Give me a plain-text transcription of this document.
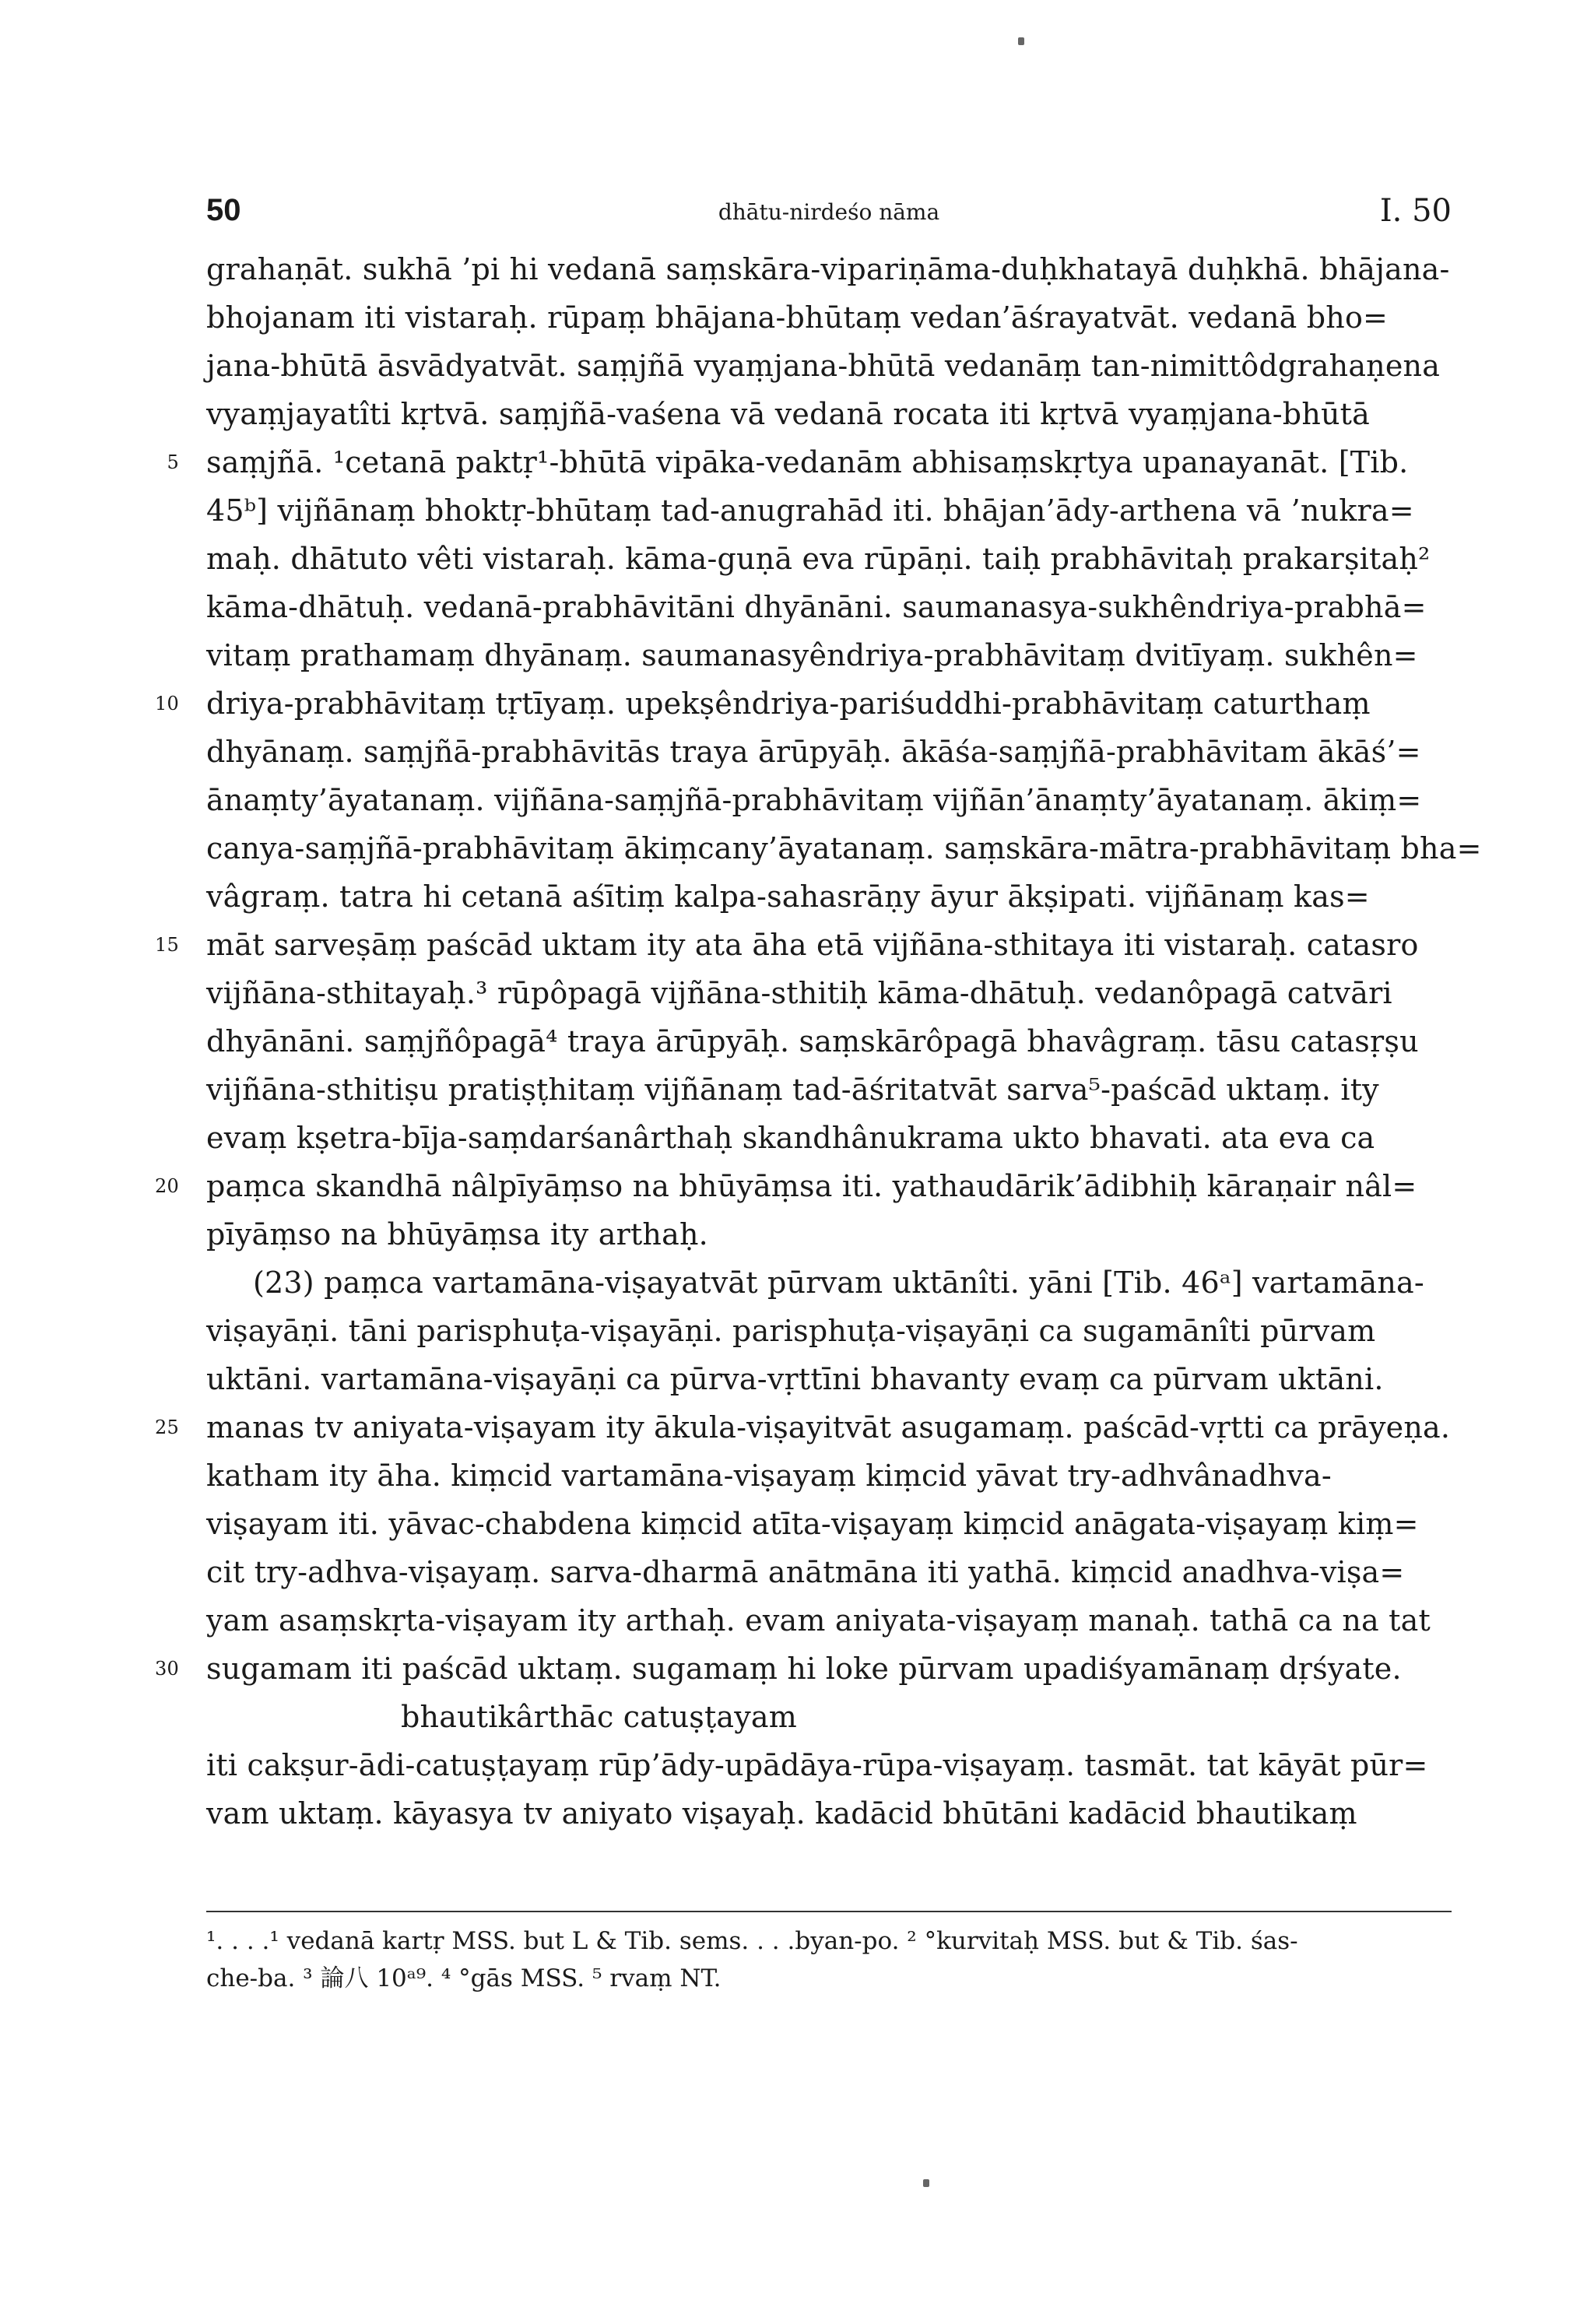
50	dhātu-nirdeśo nāma	I. 50
grahaṇāt. sukhā ’pi hi vedanā saṃskāra-vipariṇāma-duḥkhatayā duḥkhā. bhājana-
bhojanam iti vistaraḥ. rūpaṃ bhājana-bhūtaṃ vedan’āśrayatvāt. vedanā bho=
jana-bhūtā āsvādyatvāt. saṃjñā vyaṃjana-bhūtā vedanāṃ tan-nimittôdgrahaṇena
vyaṃjayatîti kṛtvā. saṃjñā-vaśena vā vedanā rocata iti kṛtvā vyaṃjana-bhūtā
5 saṃjñā. ¹cetanā paktṛ¹-bhūtā vipāka-vedanām abhisaṃskṛtya upanayanāt. [Tib.
45ᵇ] vijñānaṃ bhoktṛ-bhūtaṃ tad-anugrahād iti. bhājan’ādy-arthena vā ’nukra=
maḥ. dhātuto vêti vistaraḥ. kāma-guṇā eva rūpāṇi. taiḥ prabhāvitaḥ prakarṣitaḥ²
kāma-dhātuḥ. vedanā-prabhāvitāni dhyānāni. saumanasya-sukhêndriya-prabhā=
vitaṃ prathamaṃ dhyānaṃ. saumanasyêndriya-prabhāvitaṃ dvitīyaṃ. sukhên=
10 driya-prabhāvitaṃ tṛtīyaṃ. upekṣêndriya-pariśuddhi-prabhāvitaṃ caturthaṃ
dhyānaṃ. saṃjñā-prabhāvitās traya ārūpyāḥ. ākāśa-saṃjñā-prabhāvitam ākāś’=
ānaṃty’āyatanaṃ. vijñāna-saṃjñā-prabhāvitaṃ vijñān’ānaṃty’āyatanaṃ. ākiṃ=
canya-saṃjñā-prabhāvitaṃ ākiṃcany’āyatanaṃ. saṃskāra-mātra-prabhāvitaṃ bha=
vâgraṃ. tatra hi cetanā aśītiṃ kalpa-sahasrāṇy āyur ākṣipati. vijñānaṃ kas=
15 māt sarveṣāṃ paścād uktam ity ata āha etā vijñāna-sthitaya iti vistaraḥ. catasro
vijñāna-sthitayaḥ.³ rūpôpagā vijñāna-sthitiḥ kāma-dhātuḥ. vedanôpagā catvāri
dhyānāni. saṃjñôpagā⁴ traya ārūpyāḥ. saṃskārôpagā bhavâgraṃ. tāsu catasṛṣu
vijñāna-sthitiṣu pratiṣṭhitaṃ vijñānaṃ tad-āśritatvāt sarva⁵-paścād uktaṃ. ity
evaṃ kṣetra-bīja-saṃdarśanârthaḥ skandhânukrama ukto bhavati. ata eva ca
20 paṃca skandhā nâlpīyāṃso na bhūyāṃsa iti. yathaudārik’ādibhiḥ kāraṇair nâl=
pīyāṃso na bhūyāṃsa ity arthaḥ.
(23) paṃca vartamāna-viṣayatvāt pūrvam uktānîti. yāni [Tib. 46ᵃ] vartamāna-
viṣayāṇi. tāni parisphuṭa-viṣayāṇi. parisphuṭa-viṣayāṇi ca sugamānîti pūrvam
uktāni. vartamāna-viṣayāṇi ca pūrva-vṛttīni bhavanty evaṃ ca pūrvam uktāni.
25 manas tv aniyata-viṣayam ity ākula-viṣayitvāt asugamaṃ. paścād-vṛtti ca prāyeṇa.
katham ity āha. kiṃcid vartamāna-viṣayaṃ kiṃcid yāvat try-adhvânadhva-
viṣayam iti. yāvac-chabdena kiṃcid atīta-viṣayaṃ kiṃcid anāgata-viṣayaṃ kiṃ=
cit try-adhva-viṣayaṃ. sarva-dharmā anātmāna iti yathā. kiṃcid anadhva-viṣa=
yam asaṃskṛta-viṣayam ity arthaḥ. evam aniyata-viṣayaṃ manaḥ. tathā ca na tat
30 sugamam iti paścād uktaṃ. sugamaṃ hi loke pūrvam upadiśyamānaṃ dṛśyate.
bhautikârthāc catuṣṭayam
iti cakṣur-ādi-catuṣṭayaṃ rūp’ādy-upādāya-rūpa-viṣayaṃ. tasmāt. tat kāyāt pūr=
vam uktaṃ. kāyasya tv aniyato viṣayaḥ. kadācid bhūtāni kadācid bhautikaṃ
¹. . . .¹ vedanā kartṛ MSS. but L & Tib. sems. . . .byan-po. ² °kurvitaḥ MSS. but & Tib. śas-
che-ba. ³ 論八 10ᵃ⁹. ⁴ °gās MSS. ⁵ rvaṃ NT.
